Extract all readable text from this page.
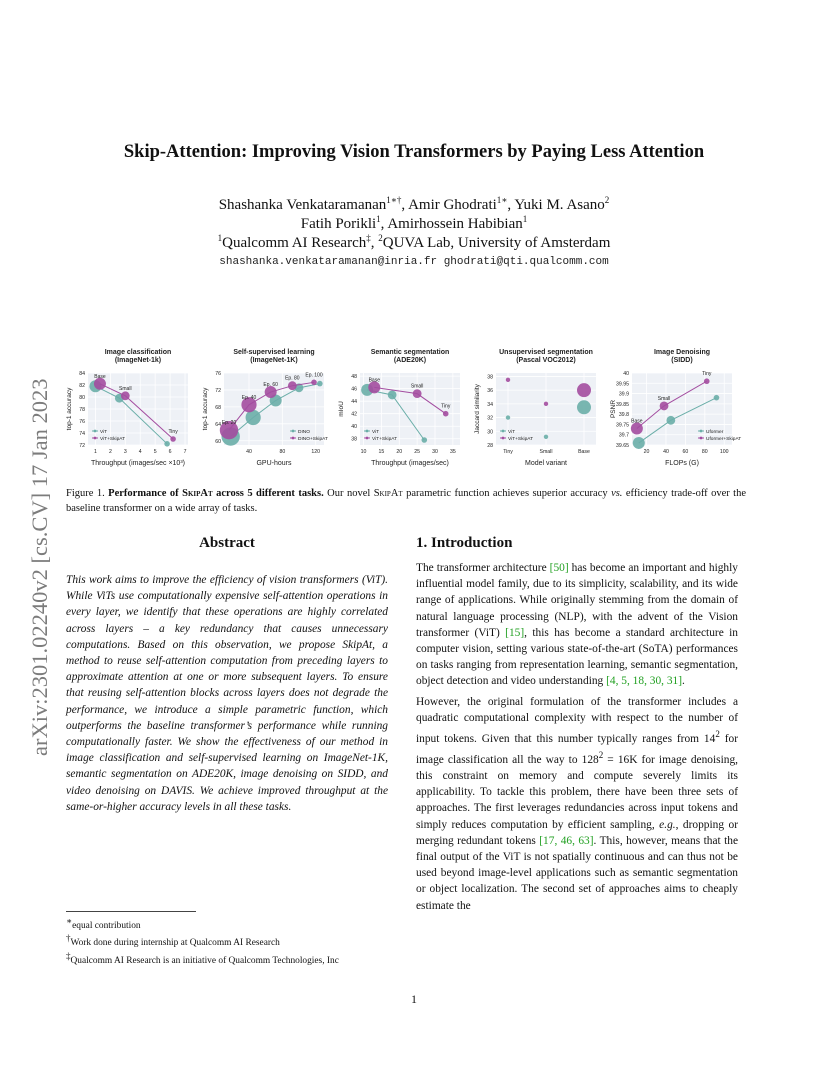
arXiv:2301.02240v2 [cs.CV] 17 Jan 2023
Skip-Attention: Improving Vision Transformers by Paying Less Attention
Shashanka Venkataramanan$^{1∗\dagger}$, Amir Ghodrati$^{1∗}$, Yuki M. Asano$^2$
Fatih Porikli$^1$, Amirhossein Habibian$^1$
$^1$Qualcomm AI Research‡, $^2$QUVA Lab, University of Amsterdam
shashanka.venkataramanan@inria.fr ghodrati@qti.qualcomm.com
Image classification
(ImageNet-1k)
72
74
76
78
80
82
84
1 2 3 4 5 6 7
Throughput (images/sec ×10³)
top-1 accuracy
Base
Small
Tiny
ViT
ViT+SkipAT
Self-supervised learning
(ImageNet-1K)
60
64
68
72
76
40	80	120
GPU-hours
top-1 accuracy	Ep. 20
Ep. 40
Ep. 60
Ep. 80
Ep. 100
DINO
DINO+SkipAT
Semantic segmentation
(ADE20K)
38
40
42
44
46
48
10 15 20 25 30 35
Throughput (images/sec)
mIoU
Base
Small
Tiny
ViT
ViT+SkipAT
Unsupervised segmentation
(Pascal VOC2012)
28
30
32
34
36
38
Tiny	Small	Base
Model variant
Jaccard similarity	ViT
ViT+SkipAT
Image Denoising
(SIDD)
39.65
39.7
39.75
39.8
39.85
39.9
39.95
40
20	40	60	80 100
FLOPs (G)
PSNR
Base
Small
Tiny
Uformer
Uformer+SkipAT
Figure 1. Performance of SkipAt across 5 different tasks. Our novel SkipAt parametric function achieves superior accuracy vs. efficiency trade-off over the baseline transformer on a wide array of tasks.
Abstract
This work aims to improve the efficiency of vision transformers (ViT). While ViTs use computationally expensive self-attention operations in every layer, we identify that these operations are highly correlated across layers – a key redundancy that causes unnecessary computations. Based on this observation, we propose SkipAt, a method to reuse self-attention computation from preceding layers to approximate attention at one or more subsequent layers. To ensure that reusing self-attention blocks across layers does not degrade the performance, we introduce a simple parametric function, which outperforms the baseline transformer’s performance while running computationally faster. We show the effectiveness of our method in image classification and self-supervised learning on ImageNet-1K, semantic segmentation on ADE20K, image denoising on SIDD, and video denoising on DAVIS. We achieve improved throughput at the same-or-higher accuracy levels in all these tasks.
∗equal contribution
†Work done during internship at Qualcomm AI Research
‡Qualcomm AI Research is an initiative of Qualcomm Technologies, Inc
1. Introduction

The transformer architecture [50] has become an important and highly influential model family, due to its simplicity, scalability, and its wide range of applications. While originally stemming from the domain of natural language processing (NLP), with the advent of the Vision transformer (ViT) [15], this has become a standard architecture in computer vision, setting various state-of-the-art (SoTA) performances on tasks ranging from representation learning, semantic segmentation, object detection and video understanding [4, 5, 18, 30, 31].

However, the original formulation of the transformer includes a quadratic computational complexity with respect to the number of input tokens. Given that this number typically ranges from $14^2$ for image classification all the way to $128^2 = 16K$ for image denoising, this constraint on memory and compute severely limits its applicability. To tackle this problem, there have been three sets of approaches. The first leverages redundancies across input tokens and simply reduces computation by efficient sampling, e.g., dropping or merging redundant tokens [17, 46, 63]. This, however, means that the final output of the ViT is not spatially continuous and can thus not be used beyond image-level applications such as semantic segmentation or object localization. The second set of approaches aims to cheaply estimate the

1
